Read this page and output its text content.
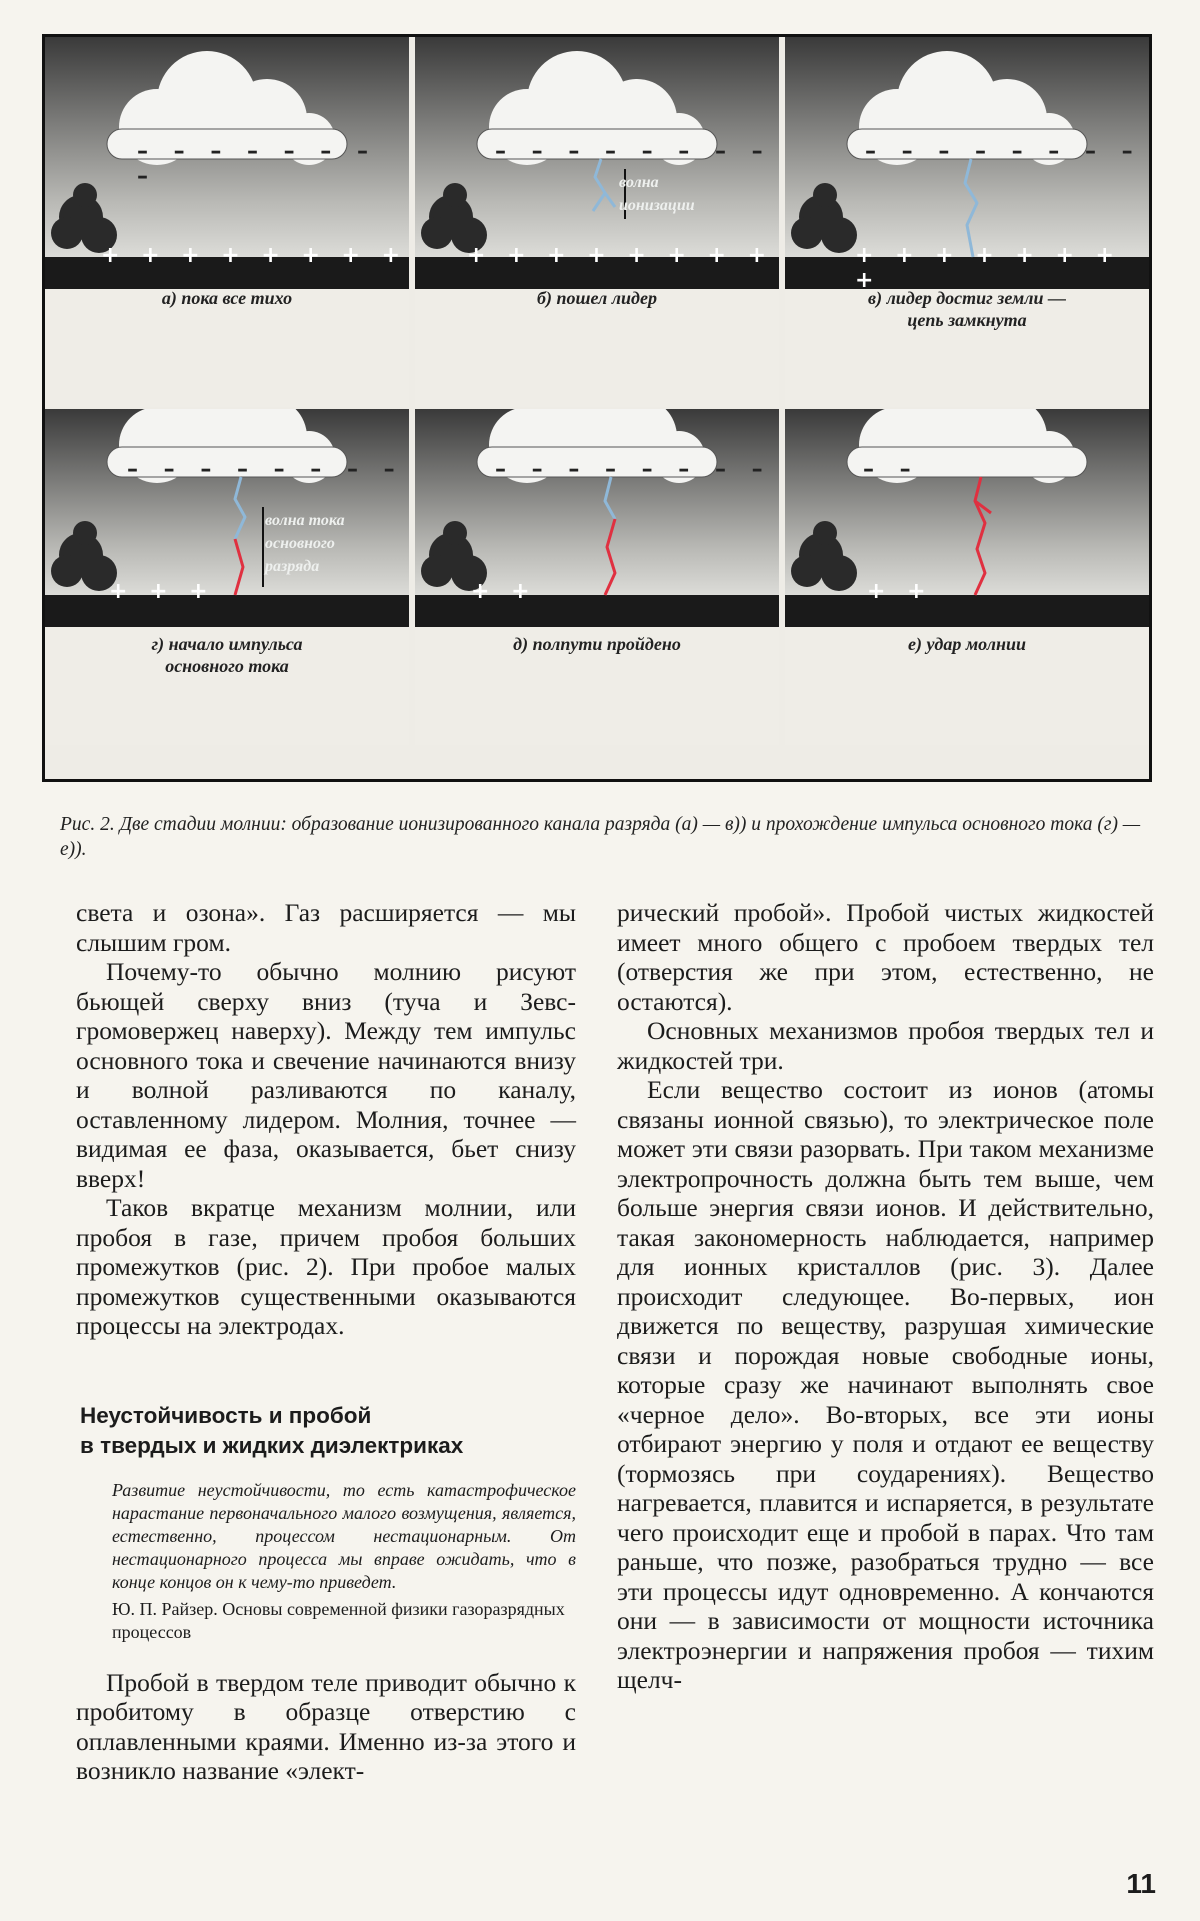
– – – – – – – –
+ + + + + + + +
а) пока все тихо
– – – – – – – –
волна
ионизации
+ + + + + + + +
б) пошел лидер
– – – – – – – –
+ + + + + + + +
в) лидер достиг земли —
цепь замкнута
– – – – – – – –
волна тока
основного
разряда
+ + +
г) начало импульса
основного тока
– – – – – – – –
+ +
д) полпути пройдено
– –
+ +
е) удар молнии
Рис. 2. Две стадии молнии: образование ионизированного канала разряда (а) — в)) и прохождение импульса основного тока (г) — е)).

света и озона». Газ расширяется — мы слышим гром.

Почему-то обычно молнию рисуют бьющей сверху вниз (туча и Зевс-громовержец наверху). Между тем импульс основного тока и свечение начинаются внизу и волной разливаются по каналу, оставленному лидером. Молния, точнее — видимая ее фаза, оказывается, бьет снизу вверх!

Таков вкратце механизм молнии, или пробоя в газе, причем пробоя больших промежутков (рис. 2). При пробое малых промежутков существенными оказываются процессы на электродах.

Неустойчивость и пробой
в твердых и жидких диэлектриках
Развитие неустойчивости, то есть катастрофическое нарастание первоначального малого возмущения, является, естественно, процессом нестационарным. От нестационарного процесса мы вправе ожидать, что в конце концов он к чему-то приведет.
Ю. П. Райзер. Основы современной физики газоразрядных процессов

Пробой в твердом теле приводит обычно к пробитому в образце отверстию с оплавленными краями. Именно из-за этого и возникло название «элект-

рический пробой». Пробой чистых жидкостей имеет много общего с пробоем твердых тел (отверстия же при этом, естественно, не остаются).

Основных механизмов пробоя твердых тел и жидкостей три.

Если вещество состоит из ионов (атомы связаны ионной связью), то электрическое поле может эти связи разорвать. При таком механизме электропрочность должна быть тем выше, чем больше энергия связи ионов. И действительно, такая закономерность наблюдается, например для ионных кристаллов (рис. 3). Далее происходит следующее. Во-первых, ион движется по веществу, разрушая химические связи и порождая новые свободные ионы, которые сразу же начинают выполнять свое «черное дело». Во-вторых, все эти ионы отбирают энергию у поля и отдают ее веществу (тормозясь при соударениях). Вещество нагревается, плавится и испаряется, в результате чего происходит еще и пробой в парах. Что там раньше, что позже, разобраться трудно — все эти процессы идут одновременно. А кончаются они — в зависимости от мощности источника электроэнергии и напряжения пробоя — тихим щелч-

11
